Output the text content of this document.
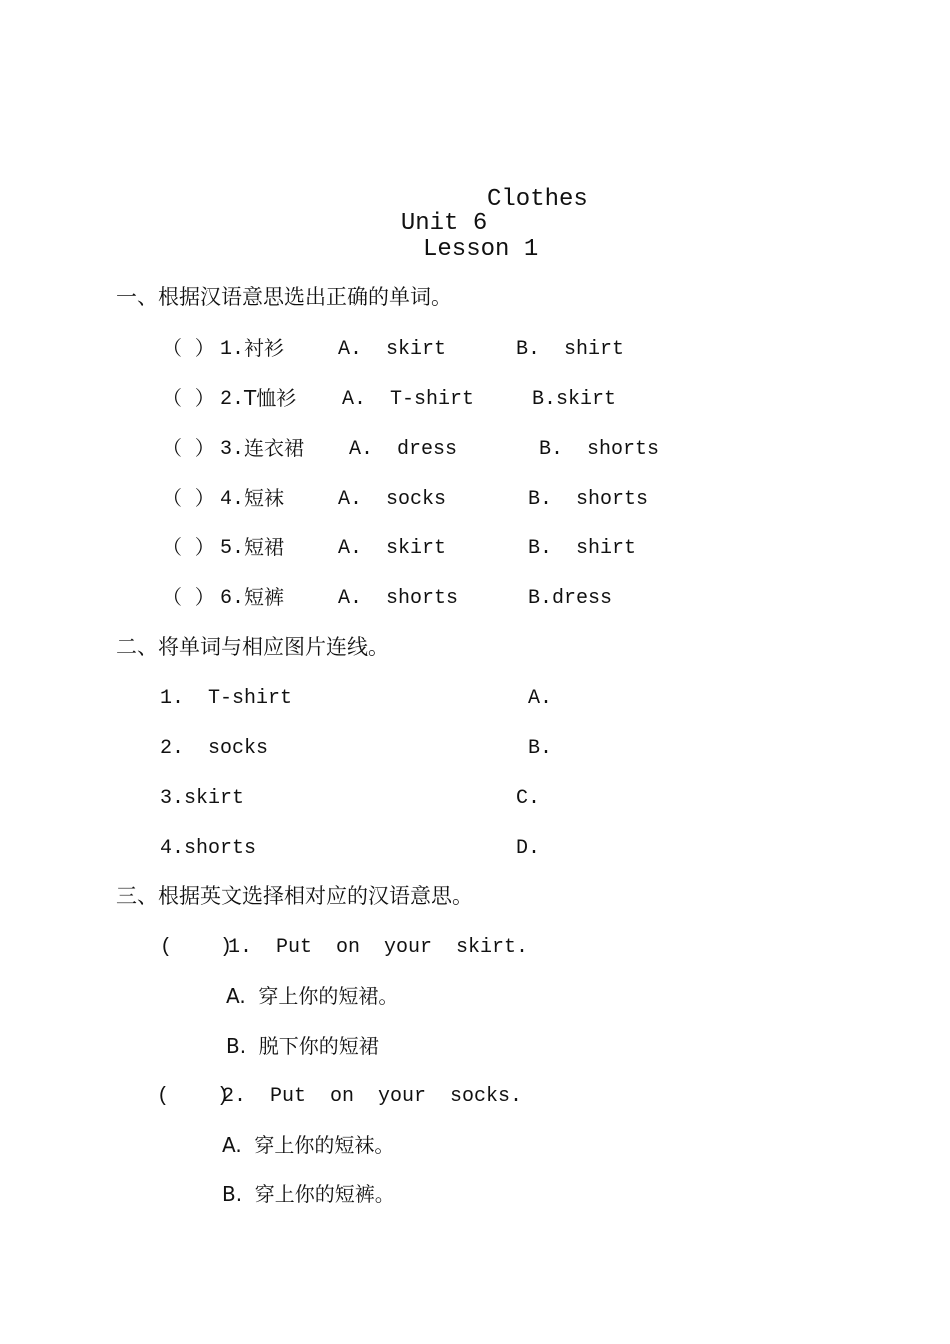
Unit 6

Clothes
Lesson 1
一、根据汉语意思选出正确的单词。
（  ） 1. 衬衫	A.  skirt	B.  shirt
（  ） 2. T恤衫 A.  T-shirt	B.skirt
（  ） 3. 连衣裙 A.  dress	B.  shorts
（  ） 4. 短袜	A.  socks	B.  shorts
（  ） 5. 短裙	A.  skirt	B.  shirt
（  ） 6. 短裤	A.  shorts	B.dress
二、将单词与相应图片连线。
1.  T-shirt	A.
2.  socks	B.
3.skirt	C.
4.shorts	D.
三、根据英文选择相对应的汉语意思。
(    )
1.  Put  on  your  skirt.
A.  穿上你的短裙。
B.  脱下你的短裙
(    )
2.  Put  on  your  socks.
A.  穿上你的短袜。
B.  穿上你的短裤。
